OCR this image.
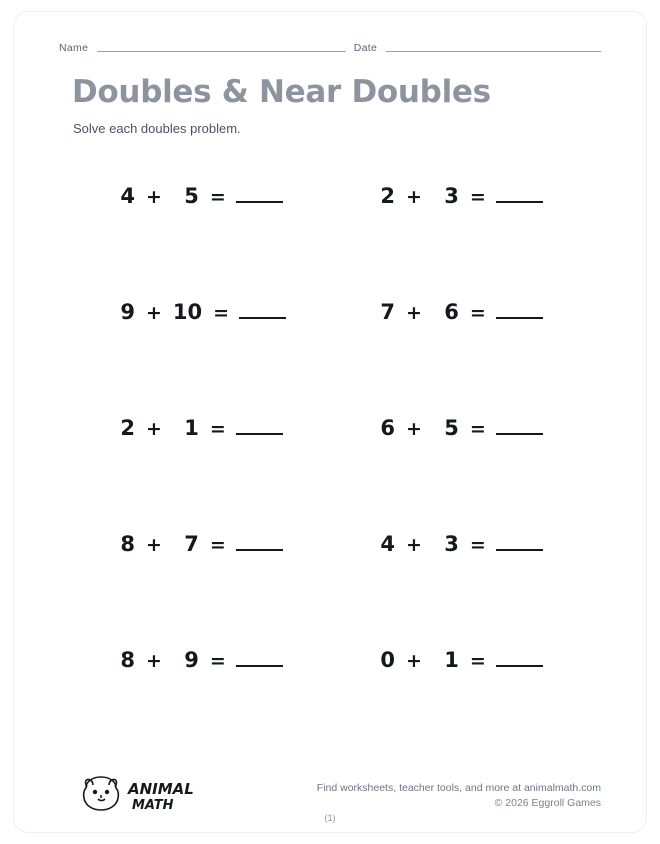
Name	Date
Doubles & Near Doubles
Solve each doubles problem.
4 +	5 =	2 +	3 =
9 + 10 =	7 +	6 =
2 +	1 =	6 +	5 =
8 +	7 =	4 +	3 =
8 +	9 =	0 +	1 =
ANIMAL
MATH
Find worksheets, teacher tools, and more at animalmath.com
© 2026 Eggroll Games
(1)
